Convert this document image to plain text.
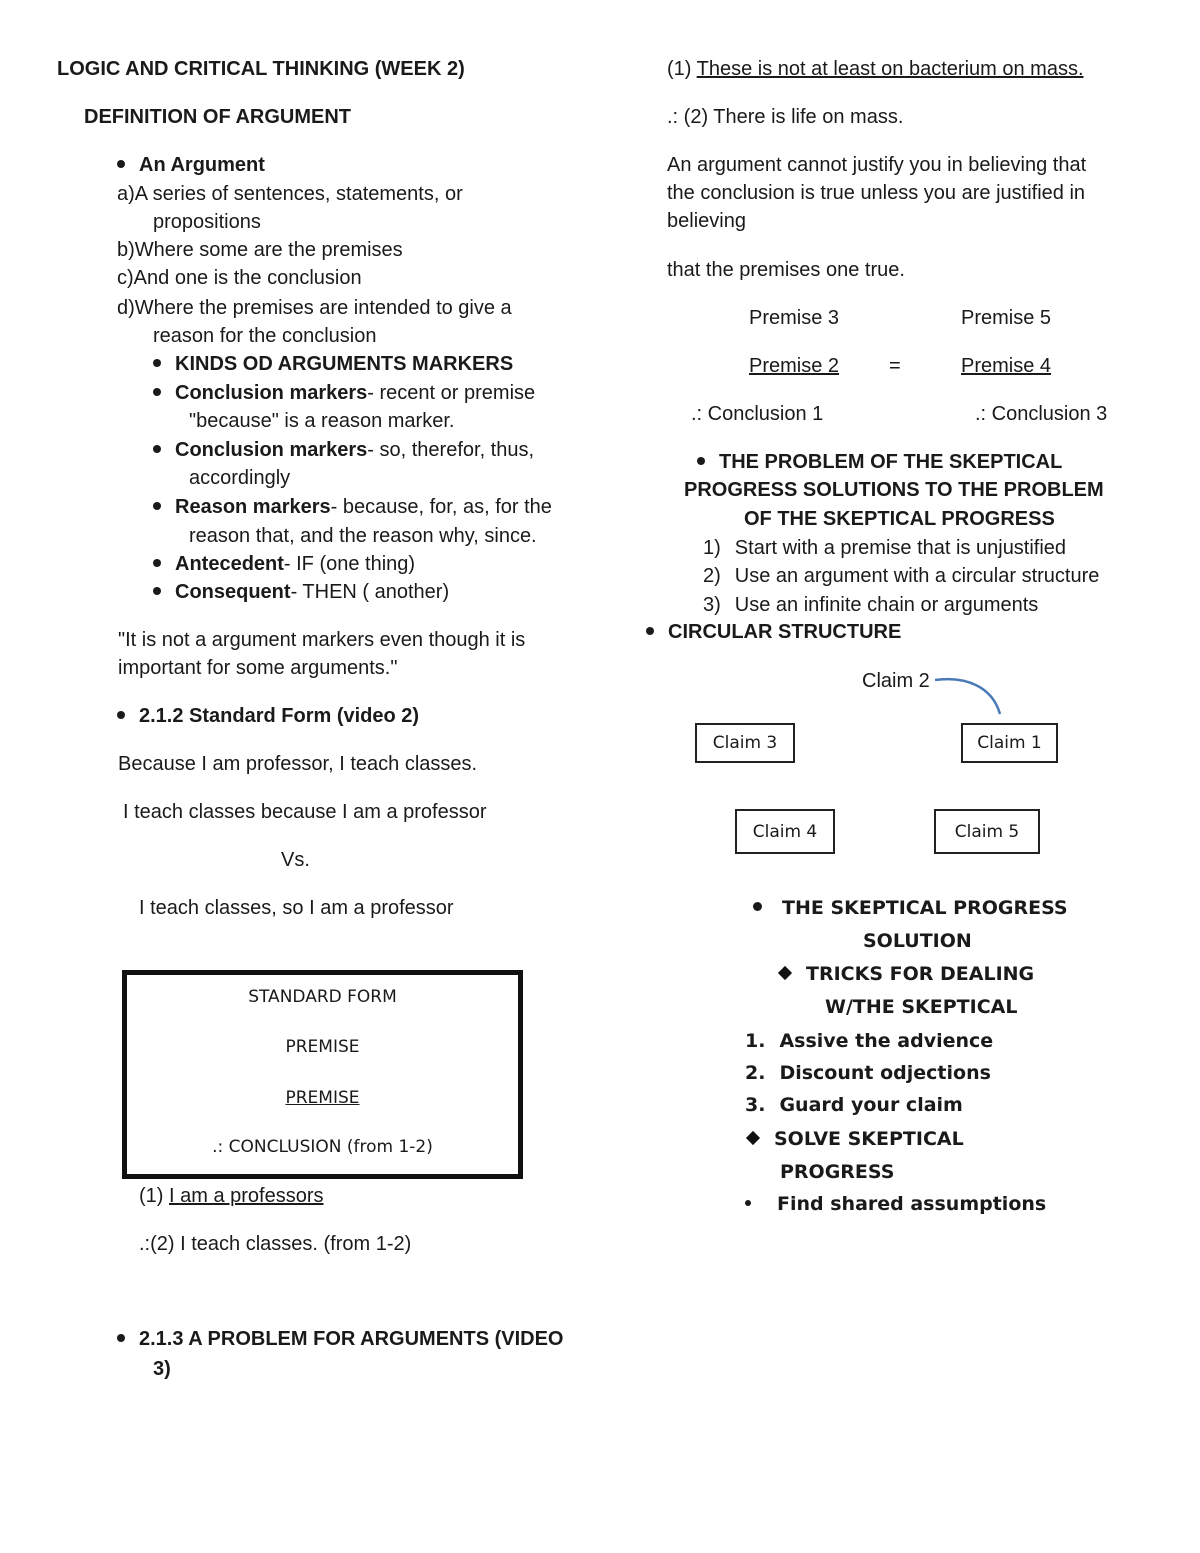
LOGIC AND CRITICAL THINKING (WEEK 2)
DEFINITION OF ARGUMENT
An Argument
a)A series of sentences, statements, or
propositions
b)Where some are the premises
c)And one is the conclusion
d)Where the premises are intended to give a
reason for the conclusion
KINDS OD ARGUMENTS MARKERS
Conclusion markers- recent or premise
"because" is a reason marker.
Conclusion markers- so, therefor, thus,
accordingly
Reason markers- because, for, as, for the
reason that, and the reason why, since.
Antecedent- IF (one thing)
Consequent- THEN ( another)
"It is not a argument markers even though it is
important for some arguments."
2.1.2 Standard Form (video 2)
Because I am professor, I teach classes.
I teach classes because I am a professor
Vs.
I teach classes, so I am a professor
STANDARD FORM
PREMISE
PREMISE
.: CONCLUSION (from 1-2)
(1) I am a professors
.:(2) I teach classes. (from 1-2)
2.1.3 A PROBLEM FOR ARGUMENTS (VIDEO
3)
(1) These is not at least on bacterium on mass.
.: (2) There is life on mass.
An argument cannot justify you in believing that
the conclusion is true unless you are justified in
believing
that the premises one true.
Premise 3	Premise 5
Premise 2 =	Premise 4
.: Conclusion 1	.: Conclusion 3
THE PROBLEM OF THE SKEPTICAL
PROGRESS SOLUTIONS TO THE PROBLEM
OF THE SKEPTICAL PROGRESS
1) Start with a premise that is unjustified
2) Use an argument with a circular structure
3) Use an infinite chain or arguments
CIRCULAR STRUCTURE
Claim 2
Claim 3	Claim 1
Claim 4	Claim 5
THE SKEPTICAL PROGRESS
SOLUTION
TRICKS FOR DEALING
W/THE SKEPTICAL
1. Assive the advience
2. Discount odjections
3. Guard your claim
SOLVE SKEPTICAL
PROGRESS
Find shared assumptions
